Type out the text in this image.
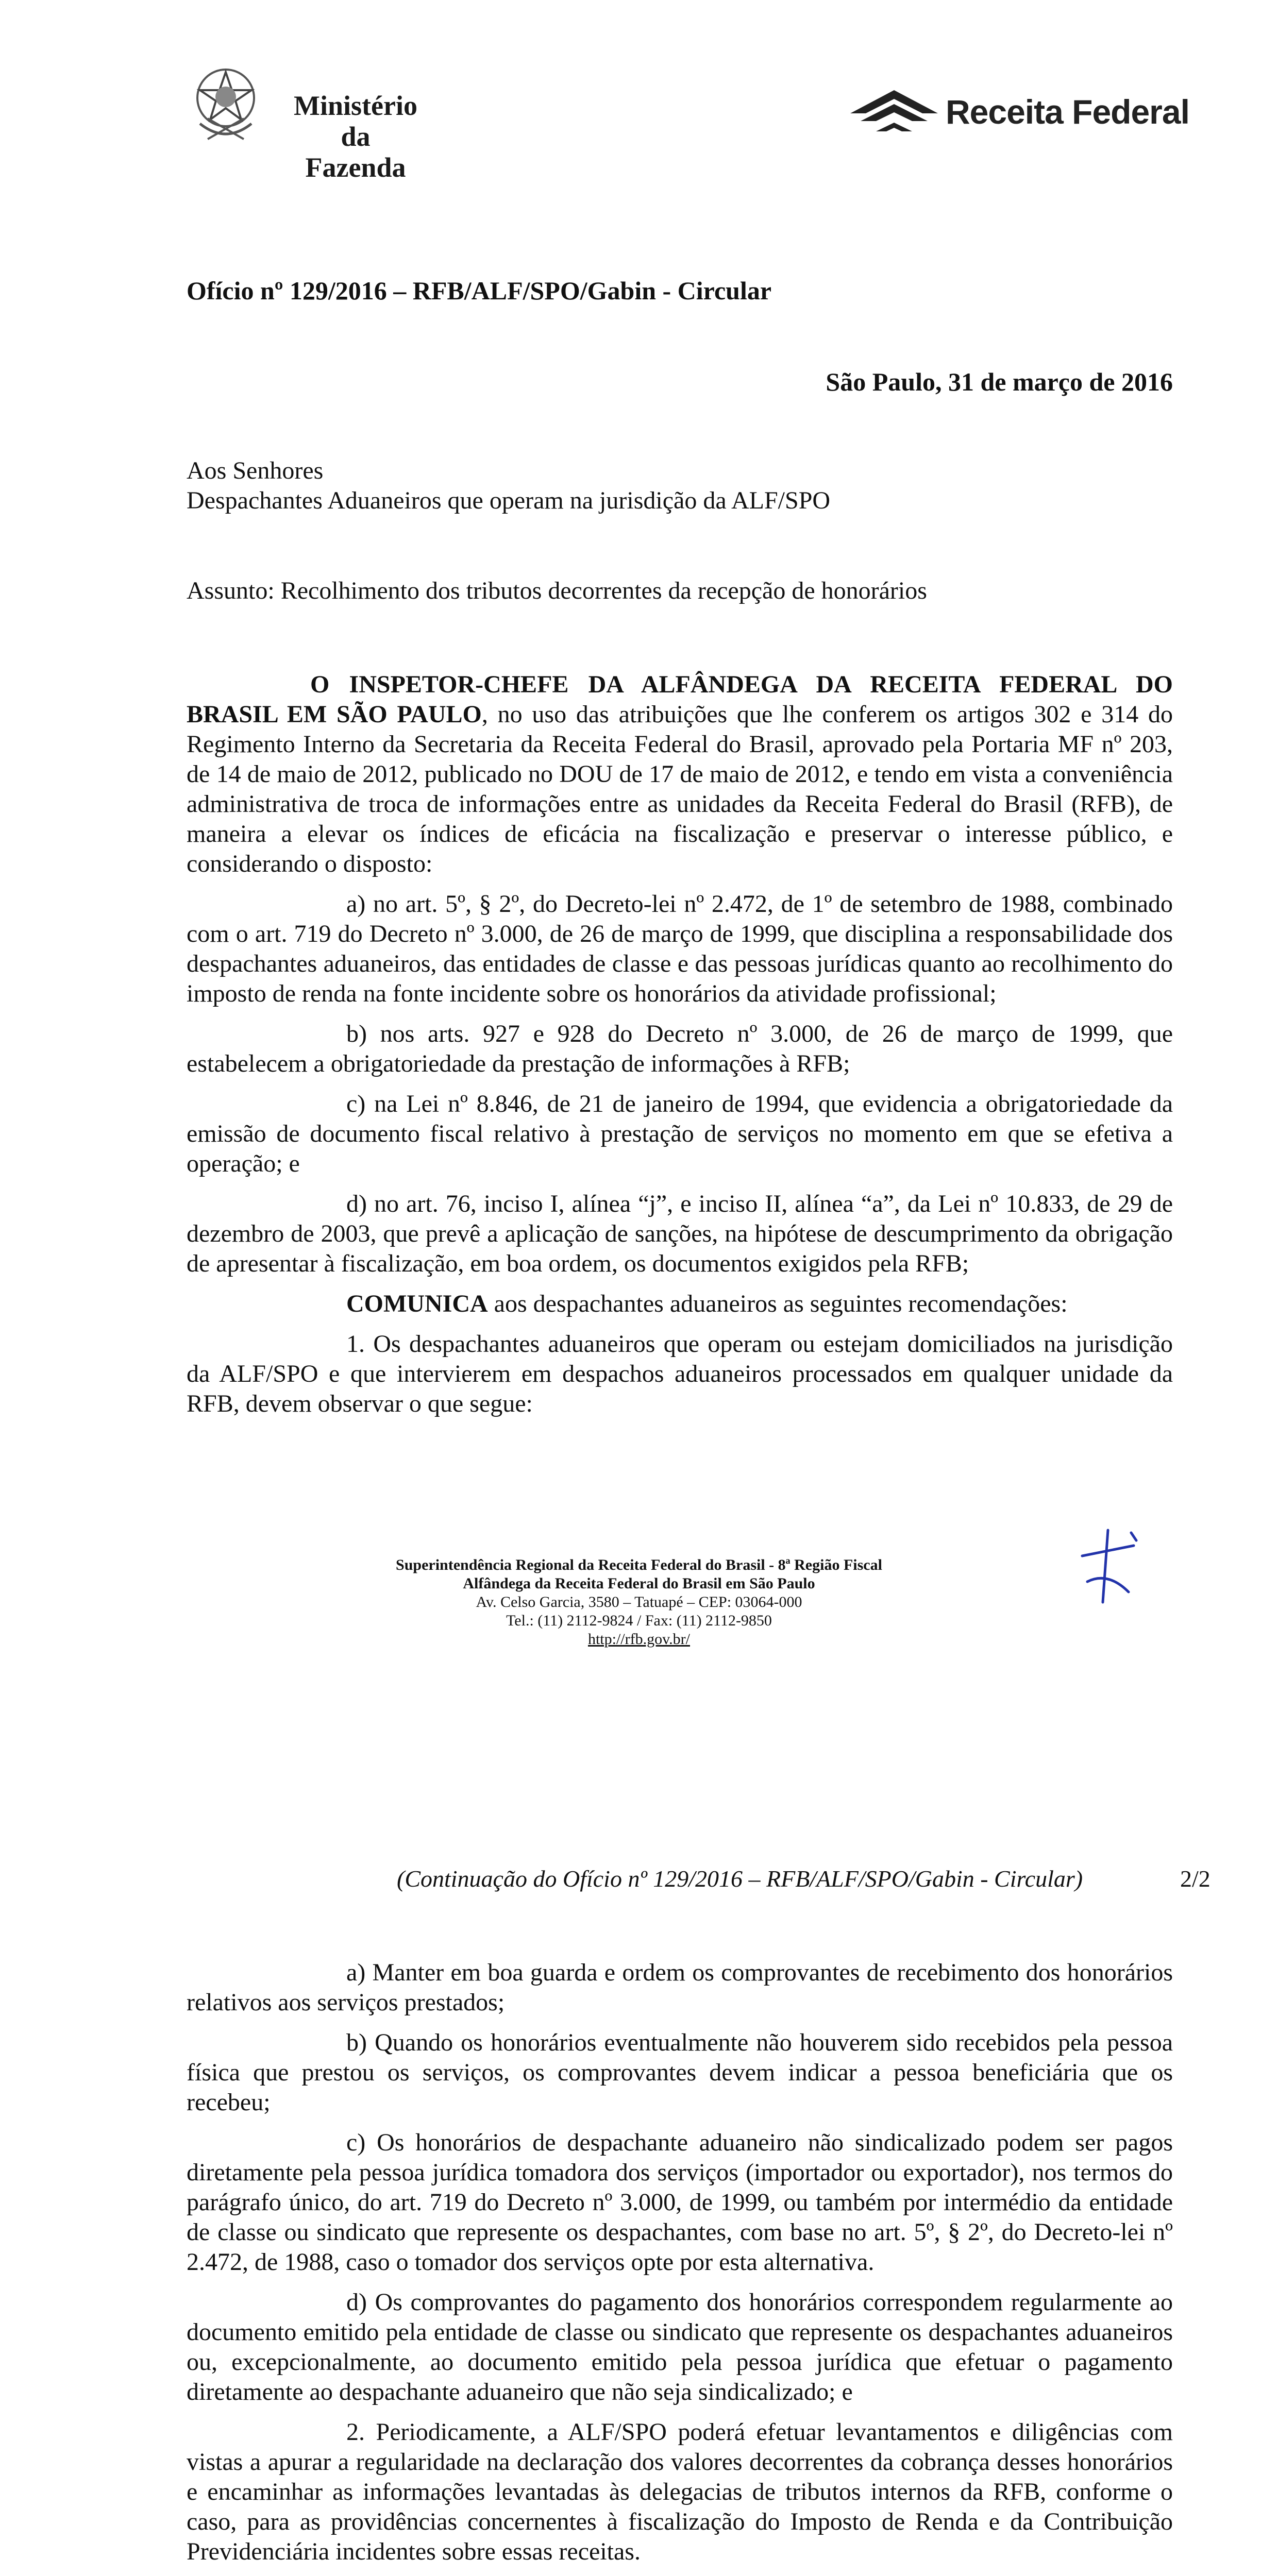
Ministério da
Fazenda
Receita Federal
Ofício nº 129/2016 – RFB/ALF/SPO/Gabin - Circular
São Paulo, 31 de março de 2016
Aos Senhores
Despachantes Aduaneiros que operam na jurisdição da ALF/SPO
Assunto: Recolhimento dos tributos decorrentes da recepção de honorários

O INSPETOR-CHEFE DA ALFÂNDEGA DA RECEITA FEDERAL DO BRASIL EM SÃO PAULO, no uso das atribuições que lhe conferem os artigos 302 e 314 do Regimento Interno da Secretaria da Receita Federal do Brasil, aprovado pela Portaria MF nº 203, de 14 de maio de 2012, publicado no DOU de 17 de maio de 2012, e tendo em vista a conveniência administrativa de troca de informações entre as unidades da Receita Federal do Brasil (RFB), de maneira a elevar os índices de eficácia na fiscalização e preservar o interesse público, e considerando o disposto:

a) no art. 5º, § 2º, do Decreto-lei nº 2.472, de 1º de setembro de 1988, combinado com o art. 719 do Decreto nº 3.000, de 26 de março de 1999, que disciplina a responsabilidade dos despachantes aduaneiros, das entidades de classe e das pessoas jurídicas quanto ao recolhimento do imposto de renda na fonte incidente sobre os honorários da atividade profissional;

b) nos arts. 927 e 928 do Decreto nº 3.000, de 26 de março de 1999, que estabelecem a obrigatoriedade da prestação de informações à RFB;

c) na Lei nº 8.846, de 21 de janeiro de 1994, que evidencia a obrigatoriedade da emissão de documento fiscal relativo à prestação de serviços no momento em que se efetiva a operação; e

d) no art. 76, inciso I, alínea “j”, e inciso II, alínea “a”, da Lei nº 10.833, de 29 de dezembro de 2003, que prevê a aplicação de sanções, na hipótese de descumprimento da obrigação de apresentar à fiscalização, em boa ordem, os documentos exigidos pela RFB;

COMUNICA aos despachantes aduaneiros as seguintes recomendações:

1. Os despachantes aduaneiros que operam ou estejam domiciliados na jurisdição da ALF/SPO e que intervierem em despachos aduaneiros processados em qualquer unidade da RFB, devem observar o que segue:

Superintendência Regional da Receita Federal do Brasil - 8ª Região Fiscal
Alfândega da Receita Federal do Brasil em São Paulo
Av. Celso Garcia, 3580 – Tatuapé – CEP: 03064-000
Tel.: (11) 2112-9824 / Fax: (11) 2112-9850
http://rfb.gov.br/
(Continuação do Ofício nº 129/2016 – RFB/ALF/SPO/Gabin - Circular)	2/2

a) Manter em boa guarda e ordem os comprovantes de recebimento dos honorários relativos aos serviços prestados;

b) Quando os honorários eventualmente não houverem sido recebidos pela pessoa física que prestou os serviços, os comprovantes devem indicar a pessoa beneficiária que os recebeu;

c) Os honorários de despachante aduaneiro não sindicalizado podem ser pagos diretamente pela pessoa jurídica tomadora dos serviços (importador ou exportador), nos termos do parágrafo único, do art. 719 do Decreto nº 3.000, de 1999, ou também por intermédio da entidade de classe ou sindicato que represente os despachantes, com base no art. 5º, § 2º, do Decreto-lei nº 2.472, de 1988, caso o tomador dos serviços opte por esta alternativa.

d) Os comprovantes do pagamento dos honorários correspondem regularmente ao documento emitido pela entidade de classe ou sindicato que represente os despachantes aduaneiros ou, excepcionalmente, ao documento emitido pela pessoa jurídica que efetuar o pagamento diretamente ao despachante aduaneiro que não seja sindicalizado; e

2. Periodicamente, a ALF/SPO poderá efetuar levantamentos e diligências com vistas a apurar a regularidade na declaração dos valores decorrentes da cobrança desses honorários e encaminhar as informações levantadas às delegacias de tributos internos da RFB, conforme o caso, para as providências concernentes à fiscalização do Imposto de Renda e da Contribuição Previdenciária incidentes sobre essas receitas.
